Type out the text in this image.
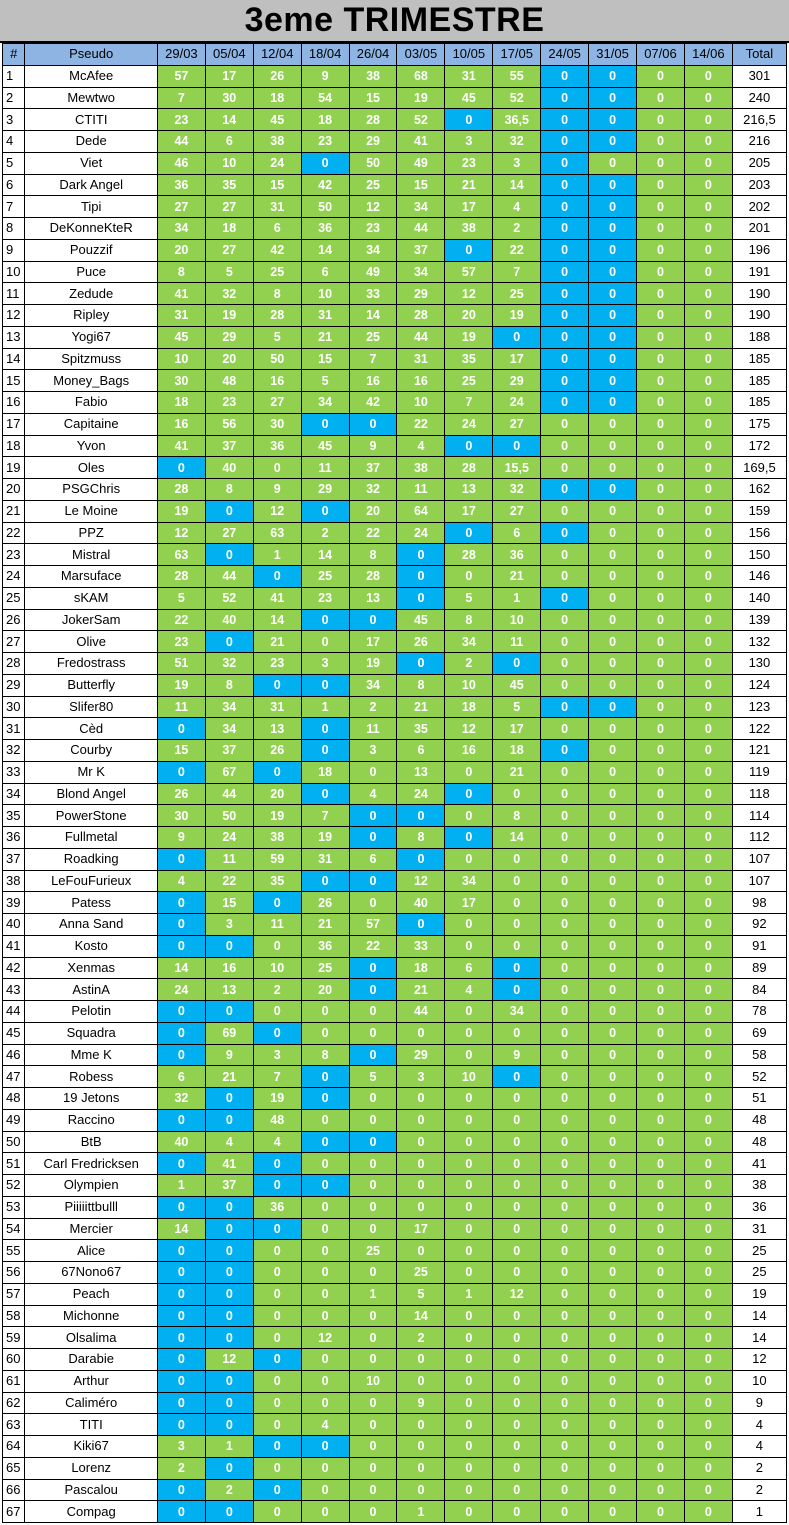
3eme TRIMESTRE
#	Pseudo	29/03	05/04	12/04	18/04	26/04	03/05	10/05	17/05	24/05	31/05	07/06	14/06	Total
1	McAfee	57	17	26	9	38	68	31	55	0	0	0	0	301
2	Mewtwo	7	30	18	54	15	19	45	52	0	0	0	0	240
3	CTITI	23	14	45	18	28	52	0	36,5	0	0	0	0	216,5
4	Dede	44	6	38	23	29	41	3	32	0	0	0	0	216
5	Viet	46	10	24	0	50	49	23	3	0	0	0	0	205
6	Dark Angel	36	35	15	42	25	15	21	14	0	0	0	0	203
7	Tipi	27	27	31	50	12	34	17	4	0	0	0	0	202
8	DeKonneKteR	34	18	6	36	23	44	38	2	0	0	0	0	201
9	Pouzzif	20	27	42	14	34	37	0	22	0	0	0	0	196
10	Puce	8	5	25	6	49	34	57	7	0	0	0	0	191
11	Zedude	41	32	8	10	33	29	12	25	0	0	0	0	190
12	Ripley	31	19	28	31	14	28	20	19	0	0	0	0	190
13	Yogi67	45	29	5	21	25	44	19	0	0	0	0	0	188
14	Spitzmuss	10	20	50	15	7	31	35	17	0	0	0	0	185
15	Money_Bags	30	48	16	5	16	16	25	29	0	0	0	0	185
16	Fabio	18	23	27	34	42	10	7	24	0	0	0	0	185
17	Capitaine	16	56	30	0	0	22	24	27	0	0	0	0	175
18	Yvon	41	37	36	45	9	4	0	0	0	0	0	0	172
19	Oles	0	40	0	11	37	38	28	15,5	0	0	0	0	169,5
20	PSGChris	28	8	9	29	32	11	13	32	0	0	0	0	162
21	Le Moine	19	0	12	0	20	64	17	27	0	0	0	0	159
22	PPZ	12	27	63	2	22	24	0	6	0	0	0	0	156
23	Mistral	63	0	1	14	8	0	28	36	0	0	0	0	150
24	Marsuface	28	44	0	25	28	0	0	21	0	0	0	0	146
25	sKAM	5	52	41	23	13	0	5	1	0	0	0	0	140
26	JokerSam	22	40	14	0	0	45	8	10	0	0	0	0	139
27	Olive	23	0	21	0	17	26	34	11	0	0	0	0	132
28	Fredostrass	51	32	23	3	19	0	2	0	0	0	0	0	130
29	Butterfly	19	8	0	0	34	8	10	45	0	0	0	0	124
30	Slifer80	11	34	31	1	2	21	18	5	0	0	0	0	123
31	Cèd	0	34	13	0	11	35	12	17	0	0	0	0	122
32	Courby	15	37	26	0	3	6	16	18	0	0	0	0	121
33	Mr K	0	67	0	18	0	13	0	21	0	0	0	0	119
34	Blond Angel	26	44	20	0	4	24	0	0	0	0	0	0	118
35	PowerStone	30	50	19	7	0	0	0	8	0	0	0	0	114
36	Fullmetal	9	24	38	19	0	8	0	14	0	0	0	0	112
37	Roadking	0	11	59	31	6	0	0	0	0	0	0	0	107
38	LeFouFurieux	4	22	35	0	0	12	34	0	0	0	0	0	107
39	Patess	0	15	0	26	0	40	17	0	0	0	0	0	98
40	Anna Sand	0	3	11	21	57	0	0	0	0	0	0	0	92
41	Kosto	0	0	0	36	22	33	0	0	0	0	0	0	91
42	Xenmas	14	16	10	25	0	18	6	0	0	0	0	0	89
43	AstinA	24	13	2	20	0	21	4	0	0	0	0	0	84
44	Pelotin	0	0	0	0	0	44	0	34	0	0	0	0	78
45	Squadra	0	69	0	0	0	0	0	0	0	0	0	0	69
46	Mme K	0	9	3	8	0	29	0	9	0	0	0	0	58
47	Robess	6	21	7	0	5	3	10	0	0	0	0	0	52
48	19 Jetons	32	0	19	0	0	0	0	0	0	0	0	0	51
49	Raccino	0	0	48	0	0	0	0	0	0	0	0	0	48
50	BtB	40	4	4	0	0	0	0	0	0	0	0	0	48
51	Carl Fredricksen	0	41	0	0	0	0	0	0	0	0	0	0	41
52	Olympien	1	37	0	0	0	0	0	0	0	0	0	0	38
53	Piiiiittbulll	0	0	36	0	0	0	0	0	0	0	0	0	36
54	Mercier	14	0	0	0	0	17	0	0	0	0	0	0	31
55	Alice	0	0	0	0	25	0	0	0	0	0	0	0	25
56	67Nono67	0	0	0	0	0	25	0	0	0	0	0	0	25
57	Peach	0	0	0	0	1	5	1	12	0	0	0	0	19
58	Michonne	0	0	0	0	0	14	0	0	0	0	0	0	14
59	Olsalima	0	0	0	12	0	2	0	0	0	0	0	0	14
60	Darabie	0	12	0	0	0	0	0	0	0	0	0	0	12
61	Arthur	0	0	0	0	10	0	0	0	0	0	0	0	10
62	Caliméro	0	0	0	0	0	9	0	0	0	0	0	0	9
63	TITI	0	0	0	4	0	0	0	0	0	0	0	0	4
64	Kiki67	3	1	0	0	0	0	0	0	0	0	0	0	4
65	Lorenz	2	0	0	0	0	0	0	0	0	0	0	0	2
66	Pascalou	0	2	0	0	0	0	0	0	0	0	0	0	2
67	Compag	0	0	0	0	0	1	0	0	0	0	0	0	1
